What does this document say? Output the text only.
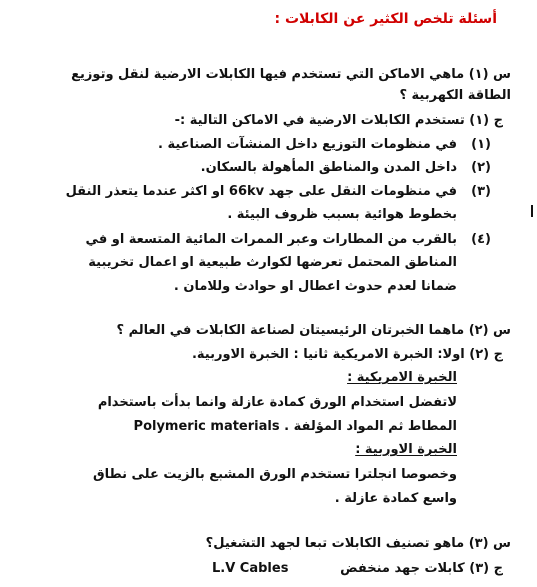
أسئلة تلخص الكثير عن الكابلات :
س (١) ماهي الاماكن التي تستخدم فيها الكابلات الارضية لنقل وتوزيع
الطاقة الكهربية ؟
ج (١) تستخدم الكابلات الارضية في الاماكن التالية :-
(١)في منظومات التوزيع داخل المنشآت الصناعية .
(٢)داخل المدن والمناطق المأهولة بالسكان.
(٣)في منظومات النقل على جهد 66kv او اكثر عندما يتعذر النقل
بخطوط هوائية بسبب ظروف البيئة .
(٤)بالقرب من المطارات وعبر الممرات المائية المتسعة او في
المناطق المحتمل تعرضها لكوارث طبيعية او اعمال تخريبية
ضمانا لعدم حدوث اعطال او حوادث وللامان .
س (٢) ماهما الخبرتان الرئيسيتان لصناعة الكابلات في العالم ؟
ج (٢) اولا: الخبرة الامريكية ثانيا : الخبرة الاوربية.
الخبرة الامريكية :
لاتفضل استخدام الورق كمادة عازلة وانما بدأت باستخدام
المطاط ثم المواد المؤلفة Polymeric materials .
الخبرة الاوربية :
وخصوصا انجلترا تستخدم الورق المشبع بالزيت على نطاق
واسع كمادة عازلة .
س (٣) ماهو تصنيف الكابلات تبعا لجهد التشغيل؟
ج (٣) كابلات جهد منخفض
L.V Cables
